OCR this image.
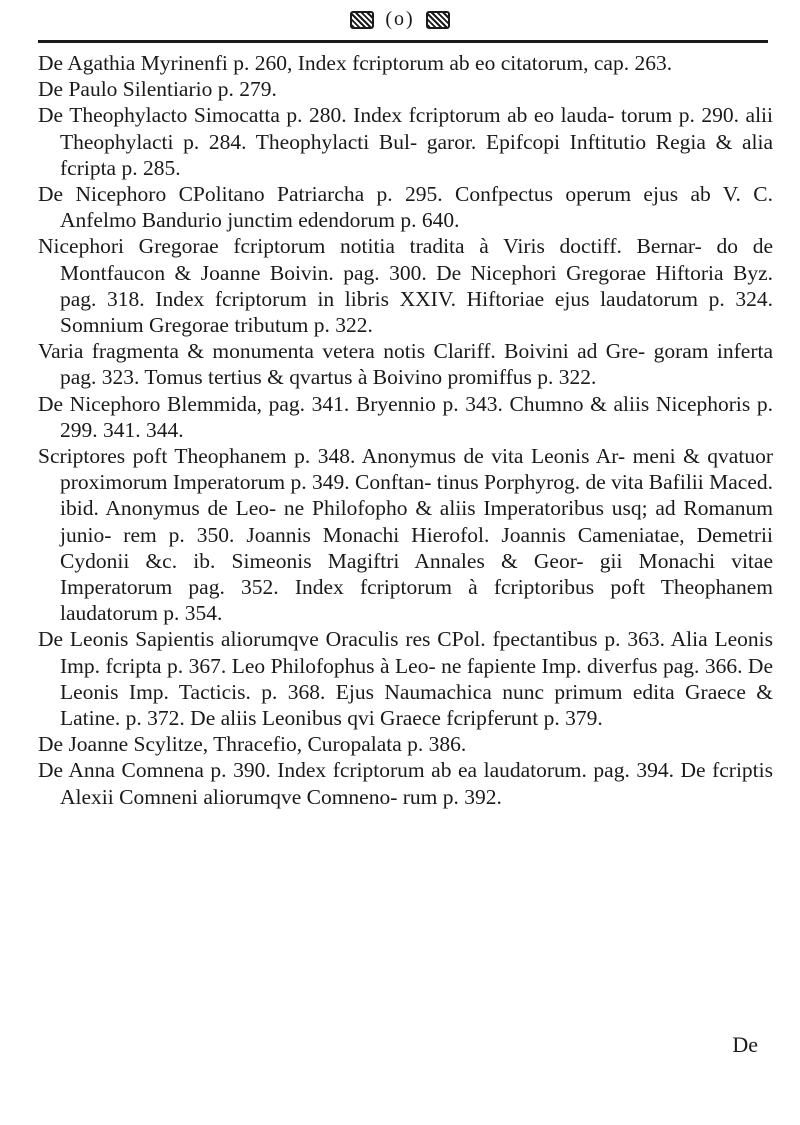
(o)

De Agathia Myrinenfi p. 260, Index fcriptorum ab eo citatorum, cap. 263.

De Paulo Silentiario p. 279.

De Theophylacto Simocatta p. 280. Index fcriptorum ab eo lauda- torum p. 290. alii Theophylacti p. 284. Theophylacti Bul- garor. Epifcopi Inftitutio Regia & alia fcripta p. 285.

De Nicephoro CPolitano Patriarcha p. 295. Confpectus operum ejus ab V. C. Anfelmo Bandurio junctim edendorum p. 640.

Nicephori Gregorae fcriptorum notitia tradita à Viris doctiff. Bernar- do de Montfaucon & Joanne Boivin. pag. 300. De Nicephori Gregorae Hiftoria Byz. pag. 318. Index fcriptorum in libris XXIV. Hiftoriae ejus laudatorum p. 324. Somnium Gregorae tributum p. 322.

Varia fragmenta & monumenta vetera notis Clariff. Boivini ad Gre- goram inferta pag. 323. Tomus tertius & qvartus à Boivino promiffus p. 322.

De Nicephoro Blemmida, pag. 341. Bryennio p. 343. Chumno & aliis Nicephoris p. 299. 341. 344.

Scriptores poft Theophanem p. 348. Anonymus de vita Leonis Ar- meni & qvatuor proximorum Imperatorum p. 349. Conftan- tinus Porphyrog. de vita Bafilii Maced. ibid. Anonymus de Leo- ne Philofopho & aliis Imperatoribus usq; ad Romanum junio- rem p. 350. Joannis Monachi Hierofol. Joannis Cameniatae, Demetrii Cydonii &c. ib. Simeonis Magiftri Annales & Geor- gii Monachi vitae Imperatorum pag. 352. Index fcriptorum à fcriptoribus poft Theophanem laudatorum p. 354.

De Leonis Sapientis aliorumqve Oraculis res CPol. fpectantibus p. 363. Alia Leonis Imp. fcripta p. 367. Leo Philofophus à Leo- ne fapiente Imp. diverfus pag. 366. De Leonis Imp. Tacticis. p. 368. Ejus Naumachica nunc primum edita Graece & Latine. p. 372. De aliis Leonibus qvi Graece fcripferunt p. 379.

De Joanne Scylitze, Thracefio, Curopalata p. 386.

De Anna Comnena p. 390. Index fcriptorum ab ea laudatorum. pag. 394. De fcriptis Alexii Comneni aliorumqve Comneno- rum p. 392.

De
